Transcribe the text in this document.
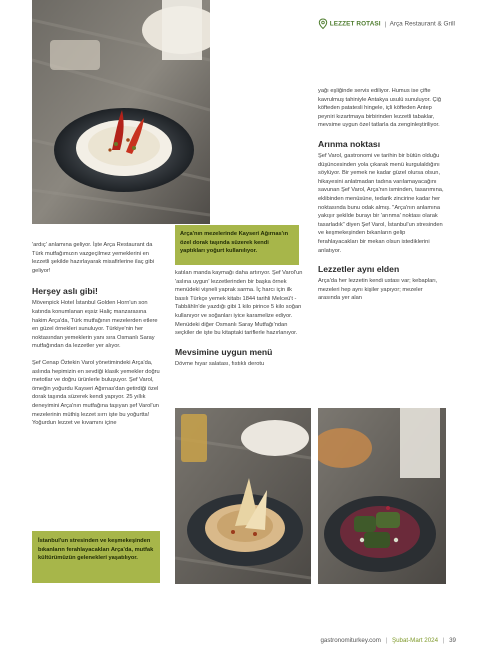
LEZZET ROTASI | Arça Restaurant & Grill
Arça'nın mezelerinde Kayseri Ağırnas'ın özel dorak taşında süzerek kendi yaptıkları yoğurt kullanılıyor.

'ardıç' anlamına geliyor. İşte Arça Restaurant da Türk mutfağımızın vazgeçilmez yemeklerini en lezzetli şekilde hazırlayarak misafirlerine ilaç gibi geliyor!

Herşey aslı gibi!

Mövenpick Hotel İstanbul Golden Horn'un son katında konumlanan eşsiz Haliç manzarasına hakim Arça'da, Türk mutfağının mezelerden etlere en güzel örnekleri sunuluyor. Türkiye'nin her noktasından yemeklerin yanı sıra Osmanlı Saray mutfağından da lezzetler yer alıyor.

Şef Cenap Öztekin Varol yönetimindeki Arça'da, aslında hepimizin en sevdiği klasik yemekler doğru metotlar ve doğru ürünlerle buluşuyor. Şef Varol, ömeğin yoğurdu Kayseri Ağırnas'dan getirdiği özel dorak taşında süzerek kendi yapıyor. 25 yıllık deneyimini Arça'nın mutfağına taşıyan şef Varol'un mezelerinin müthiş lezzet sırrı işte bu yoğurtta! Yoğurdun lezzet ve kıvamını içine

İstanbul'un stresinden ve keşmekeşinden bıkanların ferahlayacakları Arça'da, mutfak kültürümüzün gelenekleri yaşatılıyor.

katılan manda kaymağı daha artırıyor. Şef Varol'un 'aslına uygun' lezzetlerinden bir başka örnek menüdeki vişneli yaprak sarma. İç harcı için ilk basılı Türkçe yemek kitabı 1844 tarihli Melceü't -Tabbâhîn'de yazdığı gibi 1 kilo pirince 5 kilo soğan kullanıyor ve soğanları iyice karamelize ediyor. Menüdeki diğer Osmanlı Saray Mutfağı'ndan seçkiler de işte bu kitaptaki tariflerle hazırlanıyor.

Mevsimine uygun menü

Dövme hıyar salatası, fıstıklı derotu

yağı eşliğinde servis ediliyor. Humus ise çifte kavrulmuş tahiniyle Antakya usulü sunuluyor. Çiğ köfteden patatesli hingele, içli köfteden Antep peyniri kızartmaya birbirinden lezzetli tabaklar, mevsime uygun özel tatlarla da zenginleştiriliyor.

Arınma noktası

Şef Varol, gastronomi ve tarihin bir bütün olduğu düşüncesinden yola çıkarak menü kurgulaldığını söylüyor. Bir yemek ne kadar güzel olursa olsun, hikayesini anlatmadan tadına varılamayacağını savunan Şef Varol, Arça'nın isminden, tasarımına, eklibinden menüsüne, tedarik zincirine kadar her noktasında bunu odak almış. "Arça'nın anlamına yakışır şekilde burayı bir 'arınma' noktası olarak tasarladık" diyen Şef Varol, İstanbul'un stresinden ve keşmekeşinden bıkanların gelip ferahlayacakları bir mekan olsun istediklerini anlatıyor.

Lezzetler aynı elden

Arça'da her lezzetin kendi ustası var; kebapları, mezeleri hep aynı kişiler yapıyor; mezeler arasında yer alan

gastronomiturkey.com | Şubat-Mart 2024 | 39
